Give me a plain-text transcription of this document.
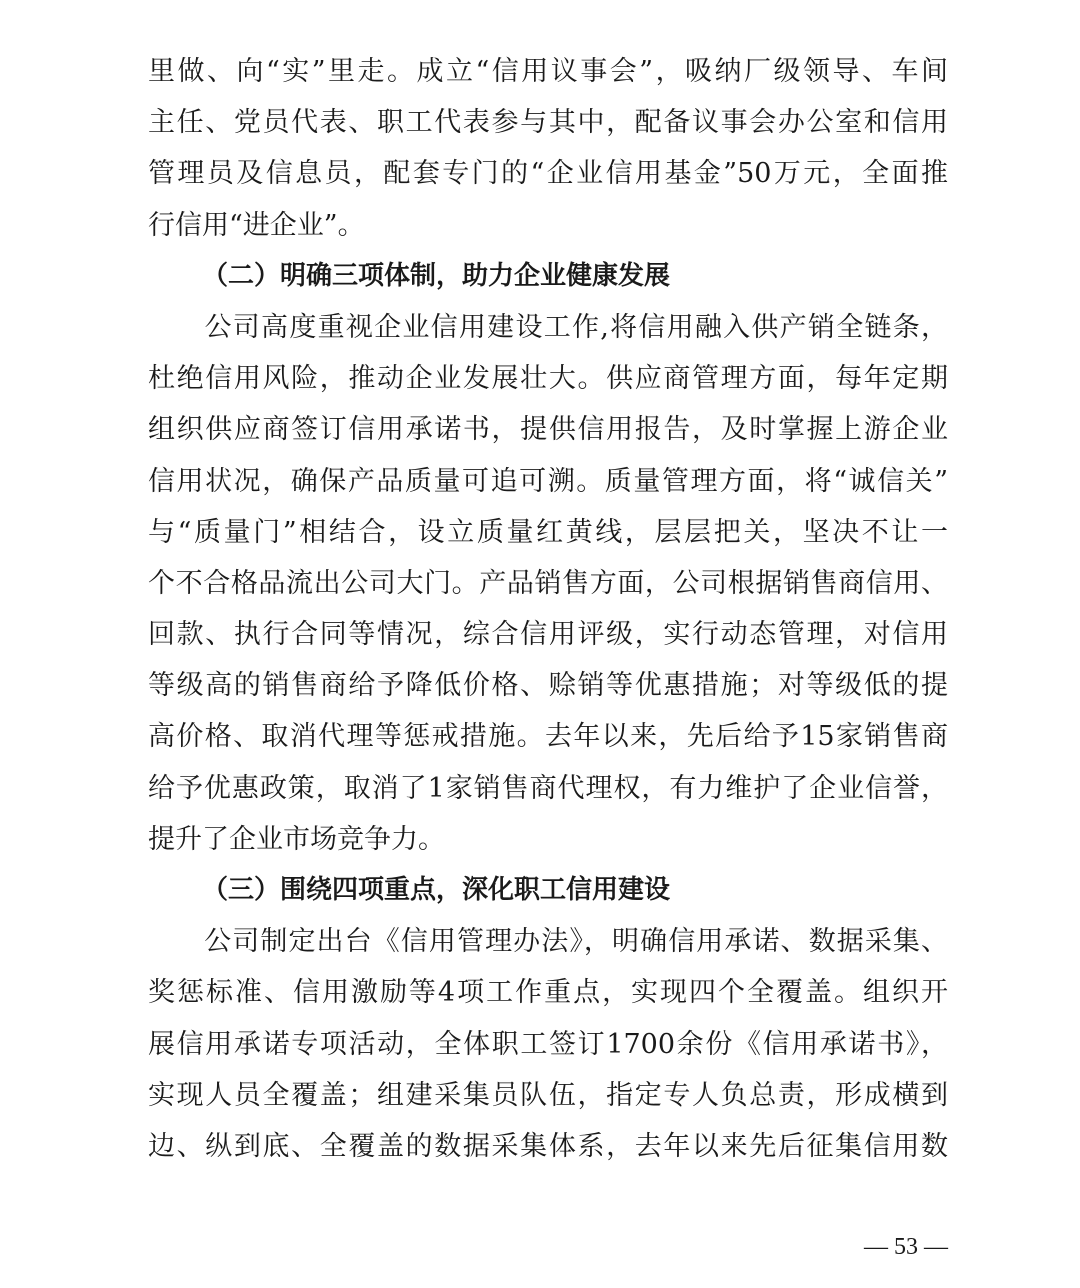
里做、向“实”里走。成立“信用议事会”，吸纳厂级领导、车间
主任、党员代表、职工代表参与其中，配备议事会办公室和信用
管理员及信息员，配套专门的“企业信用基金”50万元，全面推
行信用“进企业”。
（二）明确三项体制，助力企业健康发展
　　公司高度重视企业信用建设工作,将信用融入供产销全链条，
杜绝信用风险，推动企业发展壮大。供应商管理方面，每年定期
组织供应商签订信用承诺书，提供信用报告，及时掌握上游企业
信用状况，确保产品质量可追可溯。质量管理方面，将“诚信关”
与“质量门”相结合，设立质量红黄线，层层把关，坚决不让一
个不合格品流出公司大门。产品销售方面，公司根据销售商信用、
回款、执行合同等情况，综合信用评级，实行动态管理，对信用
等级高的销售商给予降低价格、赊销等优惠措施；对等级低的提
高价格、取消代理等惩戒措施。去年以来，先后给予15家销售商
给予优惠政策，取消了1家销售商代理权，有力维护了企业信誉，
提升了企业市场竞争力。
（三）围绕四项重点，深化职工信用建设
　　公司制定出台《信用管理办法》，明确信用承诺、数据采集、
奖惩标准、信用激励等4项工作重点，实现四个全覆盖。组织开
展信用承诺专项活动，全体职工签订1700余份《信用承诺书》，
实现人员全覆盖；组建采集员队伍，指定专人负总责，形成横到
边、纵到底、全覆盖的数据采集体系，去年以来先后征集信用数
— 53 —
